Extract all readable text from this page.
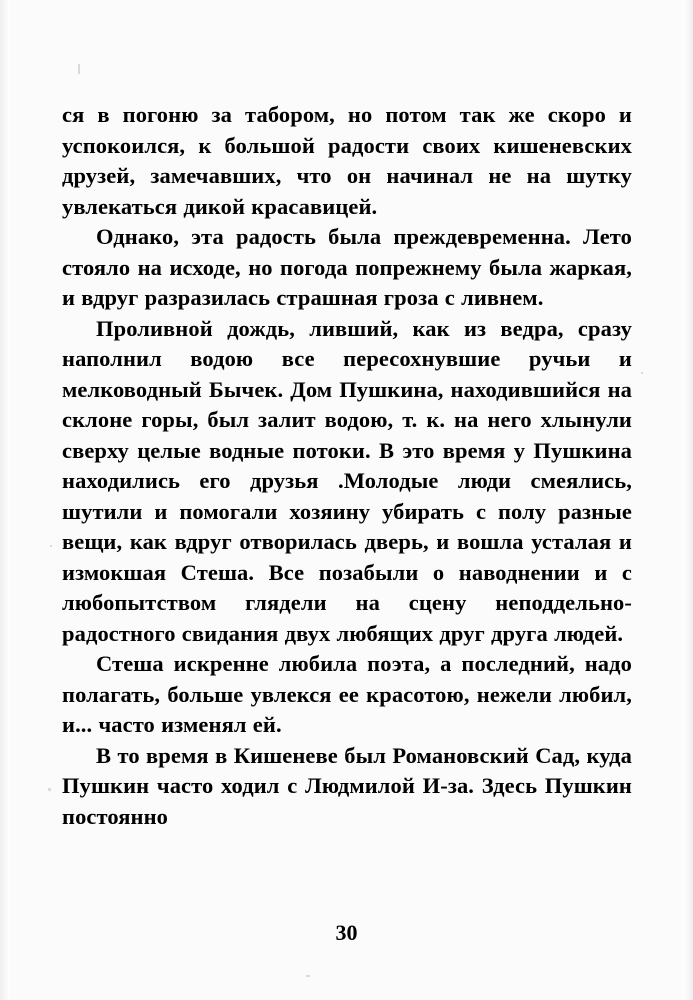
ся в погоню за табором, но потом так же скоро и успокоился, к большой радости своих кишеневских друзей, замечавших, что он начинал не на шутку увлекаться дикой красавицей.

Однако, эта радость была преждевременна. Лето стояло на исходе, но погода попрежнему была жаркая, и вдруг разразилась страшная гроза с ливнем.

Проливной дождь, ливший, как из ведра, сразу наполнил водою все пересохнувшие ручьи и мелководный Бычек. Дом Пушкина, находившийся на склоне горы, был залит водою, т. к. на него хлынули сверху целые водные потоки. В это время у Пушкина находились его друзья .Молодые люди смеялись, шутили и помогали хозяину убирать с полу разные вещи, как вдруг отворилась дверь, и вошла усталая и измокшая Стеша. Все позабыли о наводнении и с любопытством глядели на сцену неподдельно-радостного свидания двух любящих друг друга людей.

Стеша искренне любила поэта, а последний, надо полагать, больше увлекся ее красотою, нежели любил, и... часто изменял ей.

В то время в Кишеневе был Романовский Сад, куда Пушкин часто ходил с Людмилой И-за. Здесь Пушкин постоянно

30
